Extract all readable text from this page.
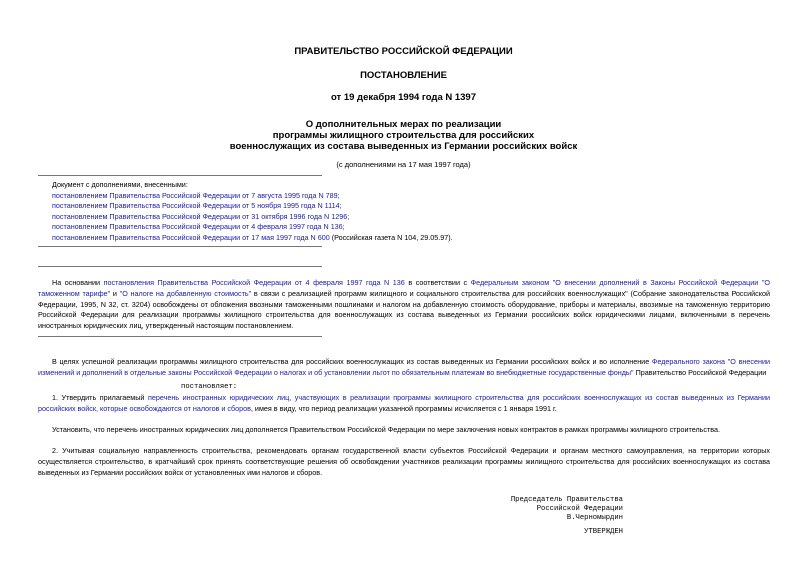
ПРАВИТЕЛЬСТВО РОССИЙСКОЙ ФЕДЕРАЦИИ
ПОСТАНОВЛЕНИЕ
от 19 декабря 1994 года N 1397
О дополнительных мерах по реализации
программы жилищного строительства для российских
военнослужащих из состава выведенных из Германии российских войск
(с дополнениями на 17 мая 1997 года)
Документ с дополнениями, внесенными:
постановлением Правительства Российской Федерации от 7 августа 1995 года N 789;
постановлением Правительства Российской Федерации от 5 ноября 1995 года N 1114;
постановлением Правительства Российской Федерации от 31 октября 1996 года N 1296;
постановлением Правительства Российской Федерации от 4 февраля 1997 года N 136;
постановлением Правительства Российской Федерации от 17 мая 1997 года N 600 (Российская газета N 104, 29.05.97).
На основании постановления Правительства Российской Федерации от 4 февраля 1997 года N 136 в соответствии с Федеральным законом "О внесении дополнений в Законы Российской Федерации "О таможенном тарифе" и "О налоге на добавленную стоимость" в связи с реализацией программ жилищного и социального строительства для российских военнослужащих" (Собрание законодательства Российской Федерации, 1995, N 32, ст. 3204) освобождены от обложения ввозными таможенными пошлинами и налогом на добавленную стоимость оборудование, приборы и материалы, ввозимые на таможенную территорию Российской Федерации для реализации программы жилищного строительства для военнослужащих из состава выведенных из Германии российских войск юридическими лицами, включенными в перечень иностранных юридических лиц, утвержденный настоящим постановлением.
В целях успешной реализации программы жилищного строительства для российских военнослужащих из состав выведенных из Германии российских войск и во исполнение Федерального закона "О внесении изменений и дополнений в отдельные законы Российской Федерации о налогах и об установлении льгот по обязательным платежам во внебюджетные государственные фонды" Правительство Российской Федерации
постановляет:
1. Утвердить прилагаемый перечень иностранных юридических лиц, участвующих в реализации программы жилищного строительства для российских военнослужащих из состав выведенных из Германии российских войск, которые освобождаются от налогов и сборов, имея в виду, что период реализации указанной программы исчисляется с 1 января 1991 г.
Установить, что перечень иностранных юридических лиц дополняется Правительством Российской Федерации по мере заключения новых контрактов в рамках программы жилищного строительства.
2. Учитывая социальную направленность строительства, рекомендовать органам государственной власти субъектов Российской Федерации и органам местного самоуправления, на территории которых осуществляется строительство, в кратчайший срок принять соответствующие решения об освобождении участников реализации программы жилищного строительства для российских военнослужащих из состава выведенных из Германии российских войск от установленных ими налогов и сборов.
Председатель Правительства
Российской Федерации
В.Черномырдин
УТВЕРЖДЕН
